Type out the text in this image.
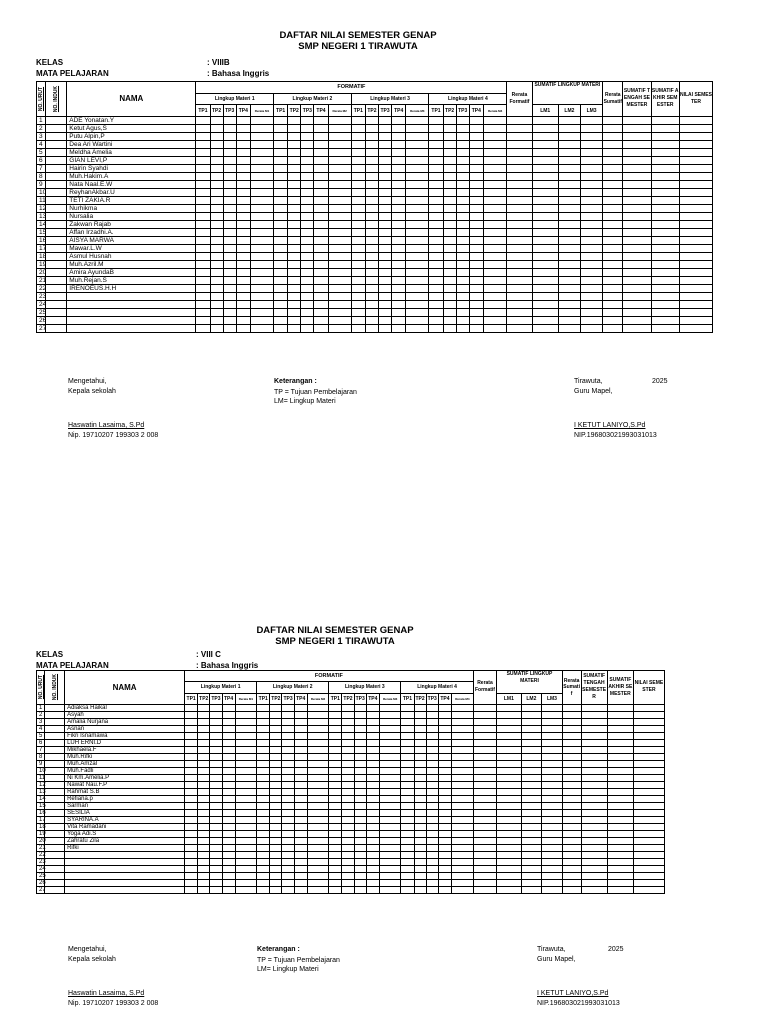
DAFTAR NILAI SEMESTER GENAP
SMP NEGERI 1 TIRAWUTA
KELAS	: VIIIB
MATA PELAJARAN	: Bahasa Inggris
NO. URUT	NO. INDUK	NAMA	FORMATIF																				Rerata Formatif	SUMATIF LINGKUP MATERI			Rerata Sumatif	SUMATIF TENGAH SEMESTER	SUMATIF AKHIR SEMESTER	NILAI SEMESTER
			Lingkup Materi 1					Lingkup Materi 2					Lingkup Materi 3					Lingkup Materi 4												
			TP1	TP2	TP3	TP4	Rerata M1	TP1	TP2	TP3	TP4	Rerata M2	TP1	TP2	TP3	TP4	Rerata M3	TP1	TP2	TP3	TP4	Rerata M4		LM1	LM2	LM3				
1		ADE Yonatan.Y																												
2		Ketut Agus,S																												
3		Putu Alpin,P																												
4		Dea Ari Wartini																												
5		Meldha Amelia																												
6		GIAN LEVI,P																												
7		Hairin Syahdi																												
8		Muh.Hakim.A																												
9		Nata Naal.E.W																												
10		ReyhanAkbar.U																												
11		TETI ZAKIA.R																												
12		Nurhikma																												
13		Nursalia																												
14		Zakwan Rajab																												
15		Affan Irzadhi.A.																												
16		AISYA MARWA																												
17		Mawar.L.W																												
18		Asmul Husnah																												
19		Muh.Azril.M																												
20		Amira AyundaB																												
21		Muh.Rejan.S																												
22		IRENOEUS.H.H																												
23																														
24																														
25																														
26																														
27																														
Mengetahui,
Kepala sekolah
Haswatin Lasaima, S.Pd
Nip. 19710207 199303 2 008
Keterangan :
TP = Tujuan Pembelajaran
LM= Lingkup Materi
Tirawuta,	2025
Guru Mapel,
I KETUT LANIYO,S.Pd
NIP.196803021993031013
DAFTAR NILAI SEMESTER GENAP
SMP NEGERI 1 TIRAWUTA
KELAS	: VIII C
MATA PELAJARAN	: Bahasa Inggris
NO. URUT	NO. INDUK	NAMA	FORMATIF																				Rerata Formatif	SUMATIF LINGKUP MATERI			Rerata Sumatif	SUMATIF TENGAH SEMESTER	SUMATIF AKHIR SEMESTER	NILAI SEMESTER
			Lingkup Materi 1					Lingkup Materi 2					Lingkup Materi 3					Lingkup Materi 4												
			TP1	TP2	TP3	TP4	Rerata M1	TP1	TP2	TP3	TP4	Rerata M2	TP1	TP2	TP3	TP4	Rerata M3	TP1	TP2	TP3	TP4	Rerata M4		LM1	LM2	LM3				
1		Adiaksa Haikal																												
2		Asyah																												
3		Amalia Nurjana																												
4		Asnan																												
5		Fikri Isnamawa																												
6		LUH ERNI.D																												
7		Mikhaela.F																												
8		Muh.Rifki																												
9		Muh.Amzal																												
10		Muh.Fadli																												
11		Ni Km.Amelia.P																												
12		Nawat Nau.F.P																												
13		Rahmat S.B																												
14		Refiana.p																												
15		Sarman																												
16		SESILIA																												
17		SYARINA.A																												
18		Vita Ramadani																												
19		Yoga Adi.S																												
20		Zahratu Zila																												
21		Rifki																												
22																														
23																														
24																														
25																														
26																														
27																														
Mengetahui,
Kepala sekolah
Haswatin Lasaima, S.Pd
Nip. 19710207 199303 2 008
Keterangan :
TP = Tujuan Pembelajaran
LM= Lingkup Materi
Tirawuta,	2025
Guru Mapel,
I KETUT LANIYO,S.Pd
NIP.196803021993031013
